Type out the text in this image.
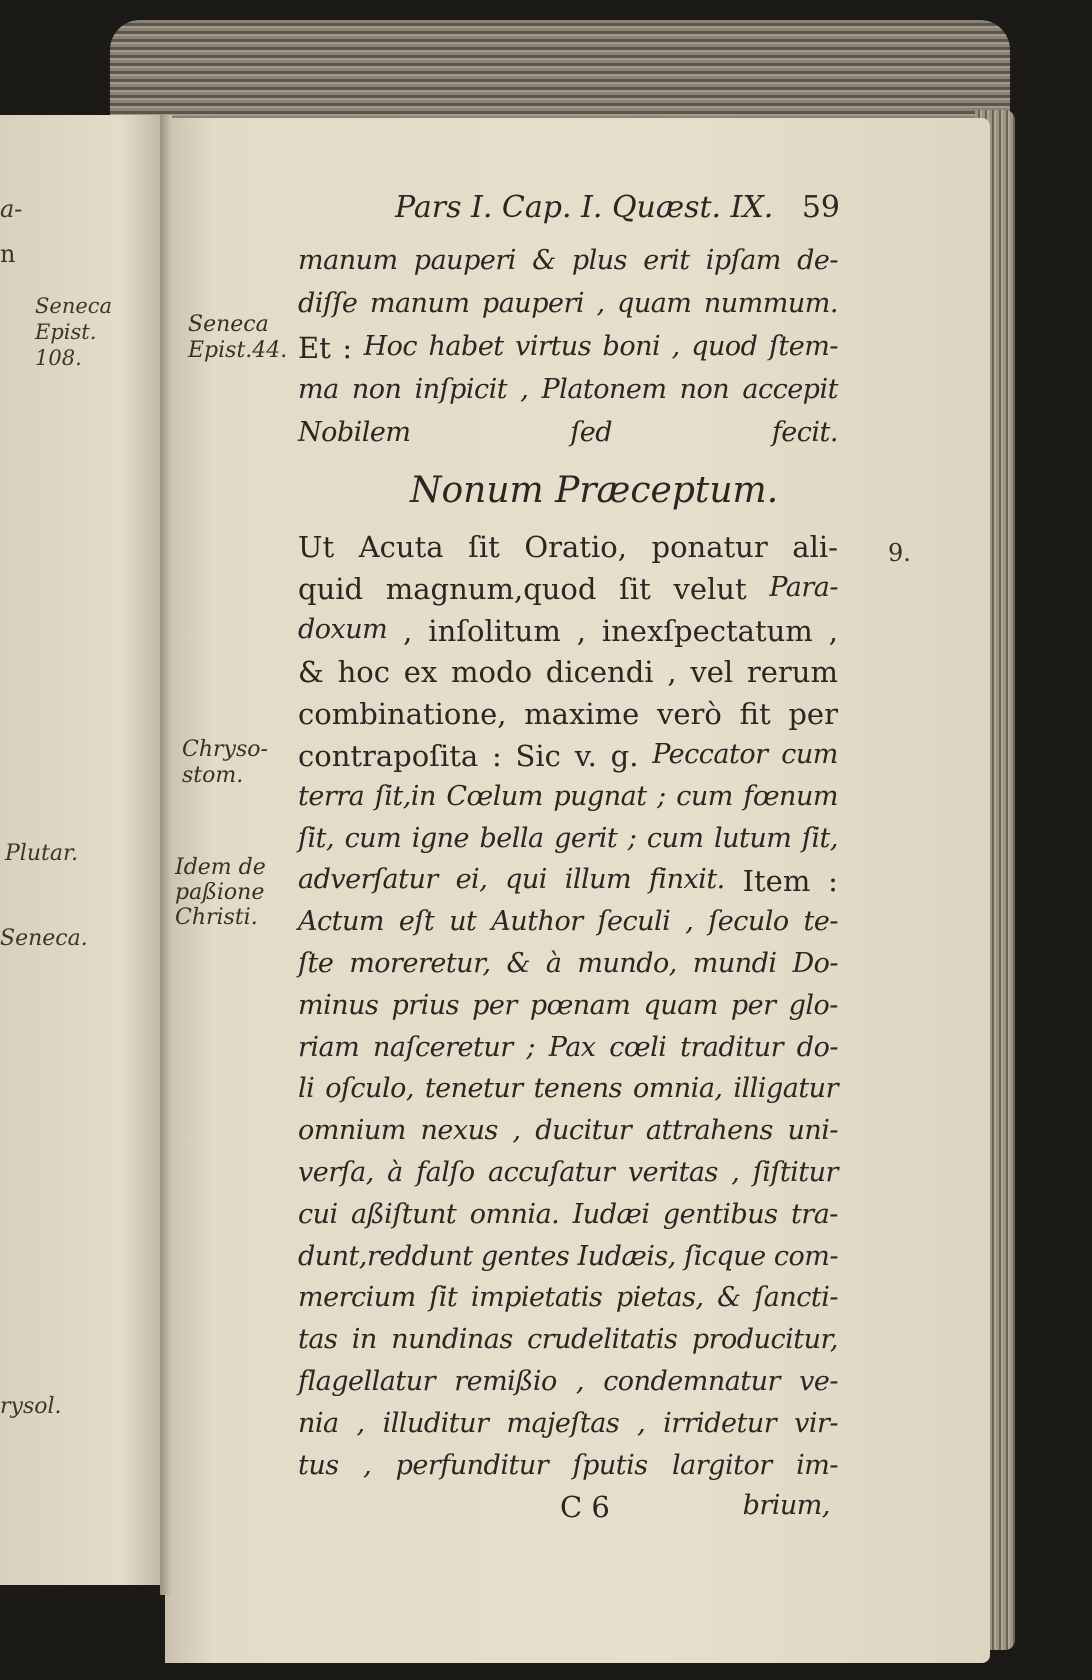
a-
n
Seneca
Epist.
108.
Plutar.
Seneca.
rysol.
Pars I. Cap. I. Quæst. IX. 59
Seneca
Epist.44.
Chryso-
stom.
Idem de
paßione
Christi.
Nonum Præceptum.
9.
manum pauperi & plus erit ipſam de-
diſſe manum pauperi , quam nummum.
Et : Hoc habet virtus boni , quod ſtem-
ma non inſpicit , Platonem non accepit
Nobilem	ſed	fecit.
Ut Acuta ſit Oratio, ponatur ali-
quid magnum,quod ſit velut Para-
doxum , inſolitum , inexſpectatum ,
& hoc ex modo dicendi , vel rerum
combinatione, maxime verò fit per
contrapoſita : Sic v. g. Peccator cum
terra ſit,in Cœlum pugnat ; cum fœnum
ſit, cum igne bella gerit ; cum lutum ſit,
adverſatur ei, qui illum finxit. Item :
Actum eſt ut Author ſeculi , ſeculo te-
ſte moreretur, & à mundo, mundi Do-
minus prius per pœnam quam per glo-
riam naſceretur ; Pax cœli traditur do-
li oſculo, tenetur tenens omnia, illigatur
omnium nexus , ducitur attrahens uni-
verſa, à falſo accuſatur veritas , ſiſtitur
cui aßiſtunt omnia. Iudæi gentibus tra-
dunt,reddunt gentes Iudæis, ſicque com-
mercium ſit impietatis pietas, & ſancti-
tas in nundinas crudelitatis producitur,
flagellatur remißio , condemnatur ve-
nia , illuditur majeſtas , irridetur vir-
tus , perfunditur ſputis largitor im-
C 6	brium,
